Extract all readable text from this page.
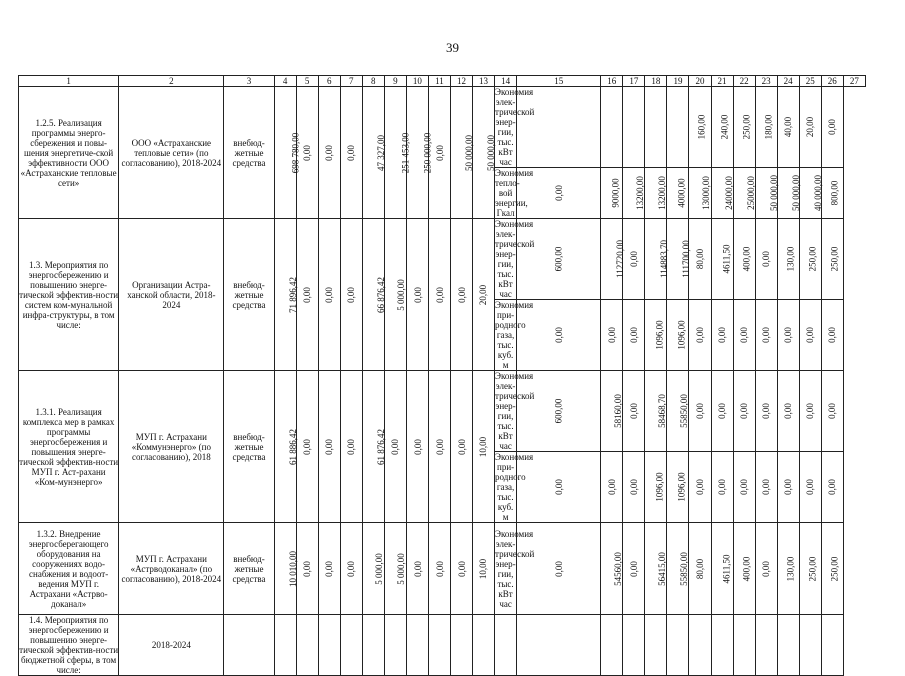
39
1	2	3	4	5	6	7	8	9	10	11	12	13	14	15	16	17	18	19	20	21	22	23	24	25	26	27
1.2.5. Реализация программы энерго-сбережения и повы-шения энергетиче-ской эффективности ООО «Астраханские тепловые сети»	ООО «Астраханские тепловые сети» (по согласованию), 2018-2024	внебюд-жетные средства	698 780,00	0,00	0,00	0,00	47 327,00	251 453,00	250 000,00	0,00	50 000,00	50 000,00	Экономия элек-трической энер-гии, тыс. кВт час						160,00	240,00	250,00	180,00	40,00	20,00	0,00	
													Экономия тепло-вой энергии, Гкал	0,00	9000,00	13200,00	13200,00	4000,00	13000,00	24000,00	25000,00	50 000,00	50 000,00	40 000,00	800,00	
1.3. Мероприятия по энергосбережению и повышению энерге-тической эффектив-ности систем ком-мунальной инфра-структуры, в том числе:	Организации Астра-ханской области, 2018-2024	внебюд-жетные средства	71 896,42	0,00	0,00	0,00	66 876,42	5 000,00	0,00	0,00	0,00	20,00	Экономия элек-трической энер-гии, тыс. кВт час	600,00	112720,00	0,00	114883,70	111700,00	80,00	4611,50	400,00	0,00	130,00	250,00	250,00	
													Экономия при-родного газа, тыс. куб. м	0,00	0,00	0,00	1096,00	1096,00	0,00	0,00	0,00	0,00	0,00	0,00	0,00	
1.3.1. Реализация комплекса мер в рамках программы энергосбережения и повышения энерге-тической эффектив-ности МУП г. Аст-рахани «Ком-мунэнерго»	МУП г. Астрахани «Коммунэнерго» (по согласованию), 2018	внебюд-жетные средства	61 886,42	0,00	0,00	0,00	61 876,42	0,00	0,00	0,00	0,00	10,00	Экономия элек-трической энер-гии, тыс. кВт час	600,00	58160,00	0,00	58468,70	55850,00	0,00	0,00	0,00	0,00	0,00	0,00	0,00	
													Экономия при-родного газа, тыс. куб. м	0,00	0,00	0,00	1096,00	1096,00	0,00	0,00	0,00	0,00	0,00	0,00	0,00	
1.3.2. Внедрение энергосберегающего оборудования на сооружениях водо-снабжения и водоот-ведения МУП г. Астрахани «Астрво-доканал»	МУП г. Астрахани «Астрводоканал» (по согласованию), 2018-2024	внебюд-жетные средства	10 010,00	0,00	0,00	0,00	5 000,00	5 000,00	0,00	0,00	0,00	10,00	Экономия элек-трической энер-гии, тыс. кВт час	0,00	54560,00	0,00	56415,00	55850,00	80,00	4611,50	400,00	0,00	130,00	250,00	250,00	
1.4. Мероприятия по энергосбережению и повышению энерге-тической эффектив-ности бюджетной сферы, в том числе:	2018-2024																									
